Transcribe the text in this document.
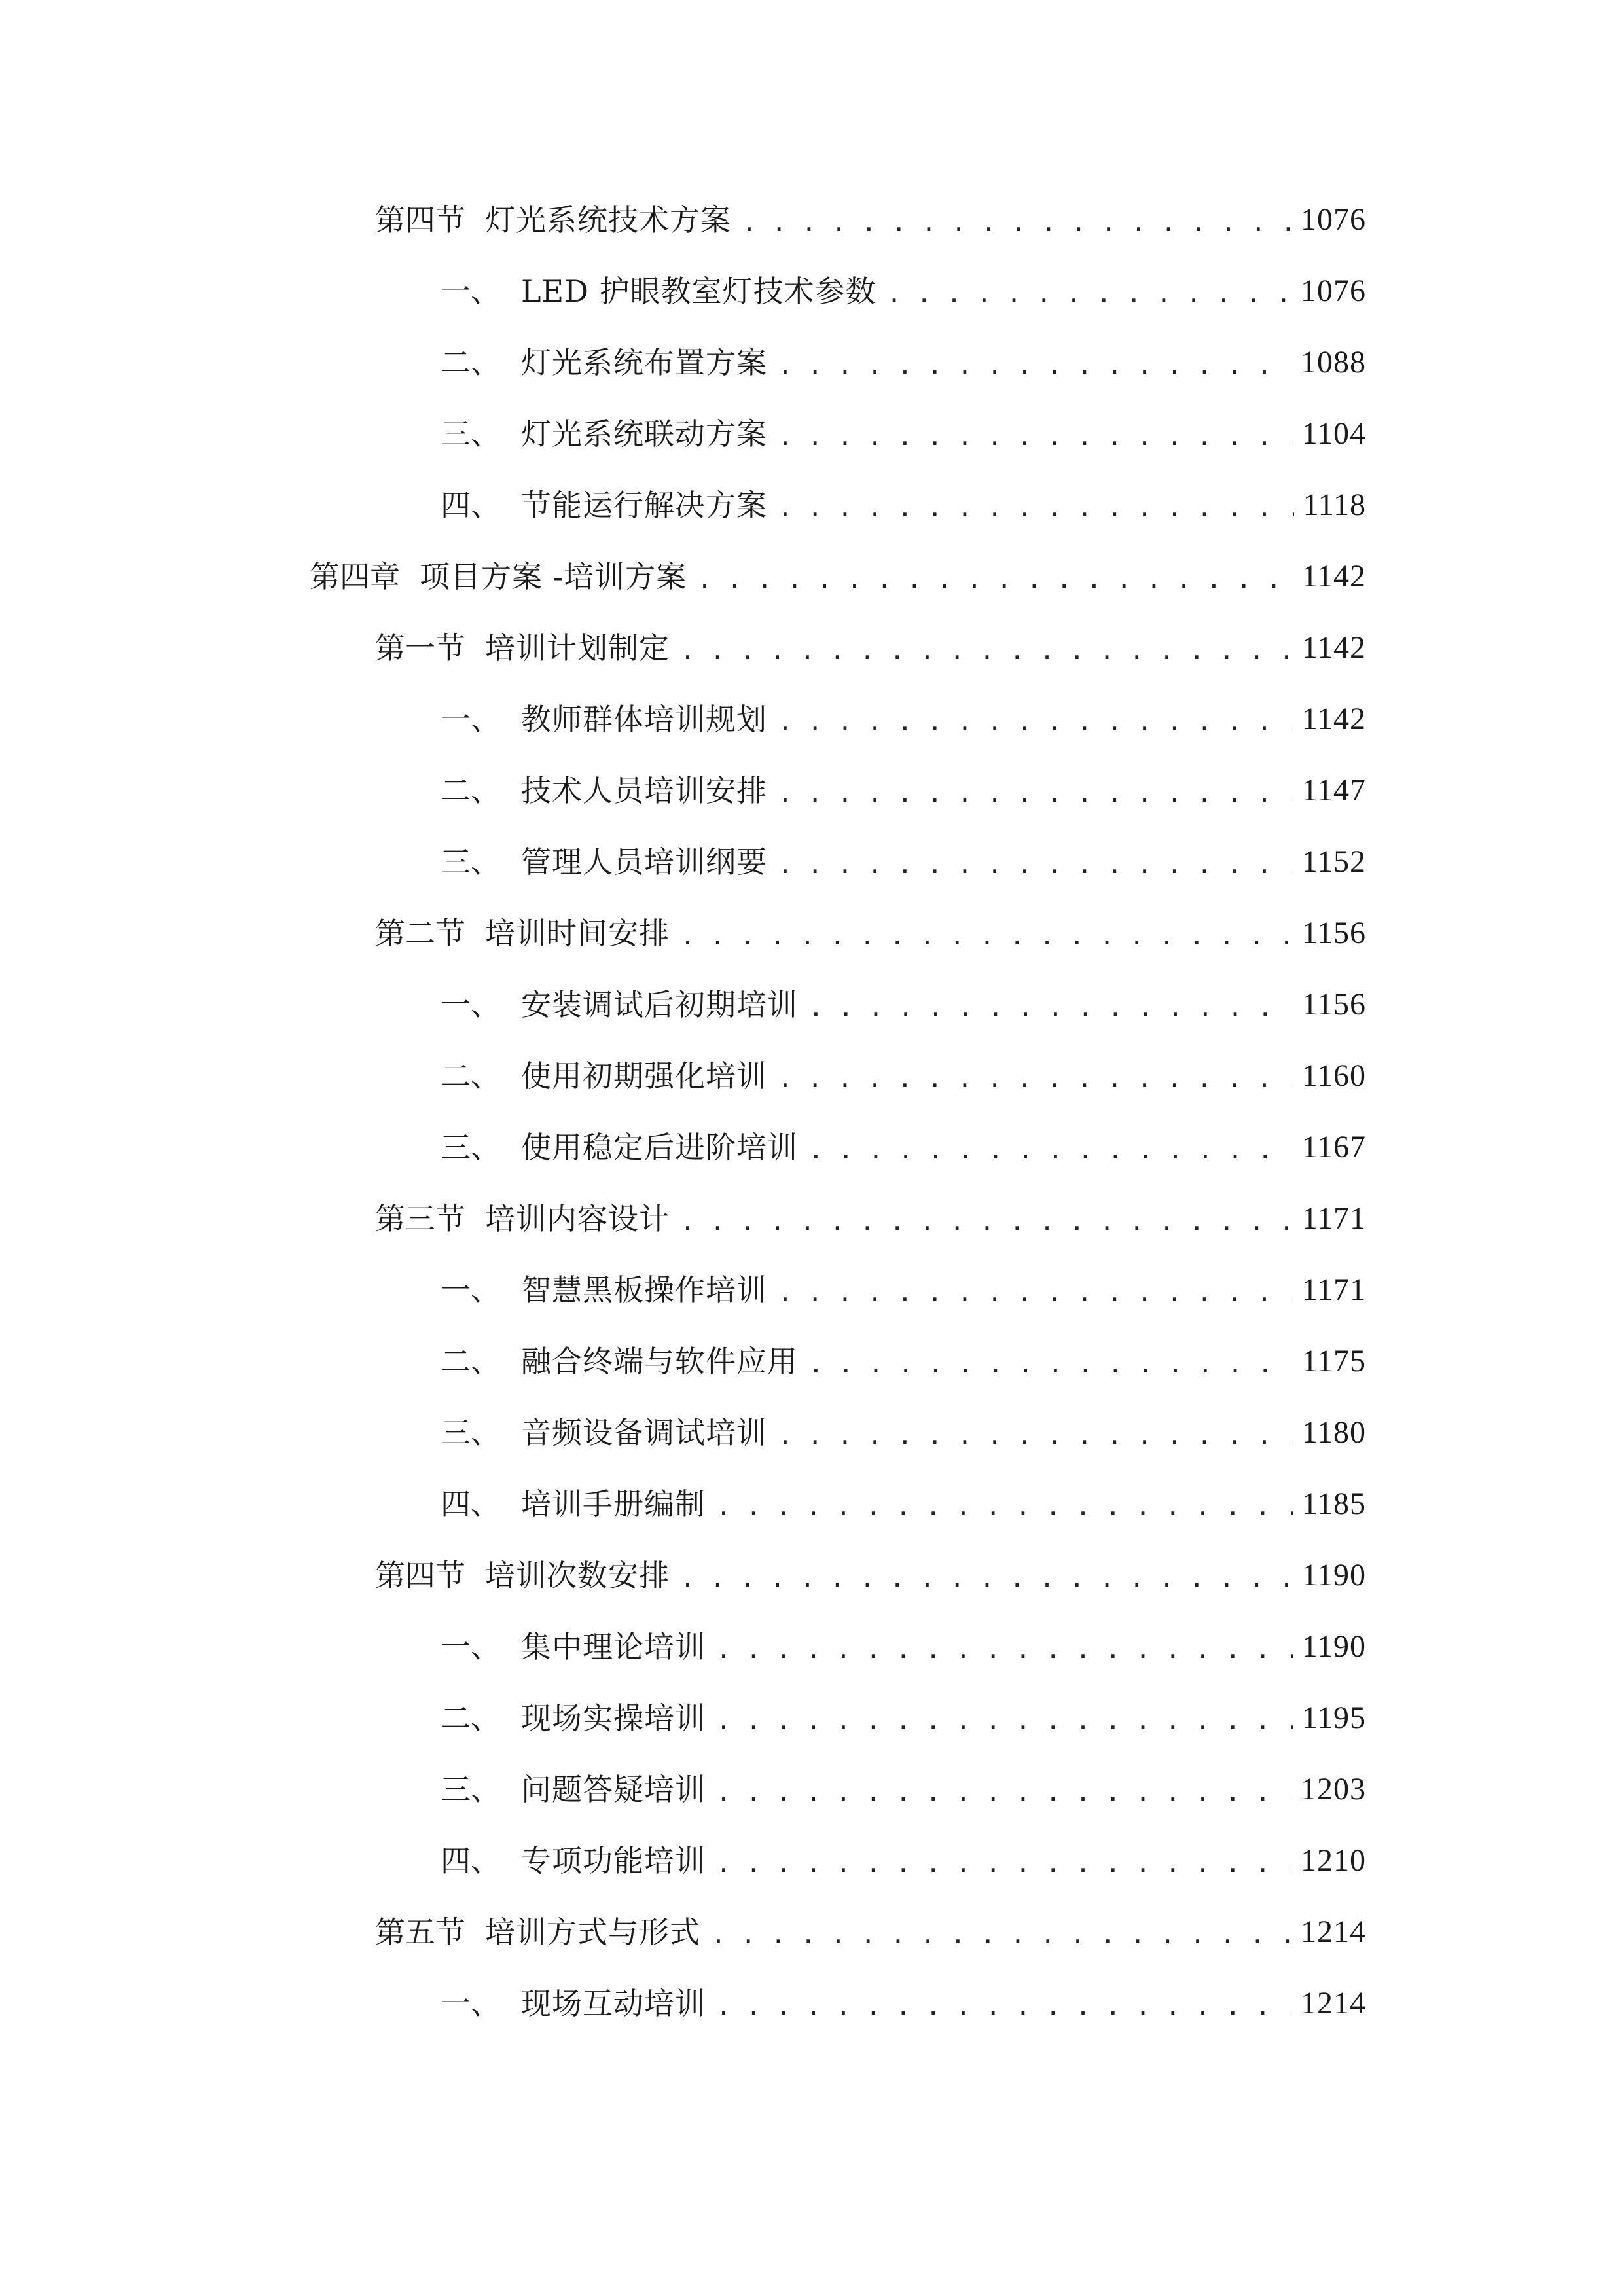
第四节 灯光系统技术方案 . . .	1076
一、 LED 护眼教室灯技术参数 . . .	1076
二、 灯光系统布置方案 . . .	1088
三、 灯光系统联动方案 . . .	1104
四、 节能运行解决方案 . . .	1118
第四章 项目方案 -培训方案 . . .	1142
第一节 培训计划制定 . . .	1142
一、 教师群体培训规划 . . .	1142
二、 技术人员培训安排 . . .	1147
三、 管理人员培训纲要 . . .	1152
第二节 培训时间安排 . . .	1156
一、 安装调试后初期培训 . . .	1156
二、 使用初期强化培训 . . .	1160
三、 使用稳定后进阶培训 . . .	1167
第三节 培训内容设计 . . .	1171
一、 智慧黑板操作培训 . . .	1171
二、 融合终端与软件应用 . . .	1175
三、 音频设备调试培训 . . .	1180
四、 培训手册编制 . . .	1185
第四节 培训次数安排 . . .	1190
一、 集中理论培训 . . .	1190
二、 现场实操培训 . . .	1195
三、 问题答疑培训 . . .	1203
四、 专项功能培训 . . .	1210
第五节 培训方式与形式 . . .	1214
一、 现场互动培训 . . .	1214
